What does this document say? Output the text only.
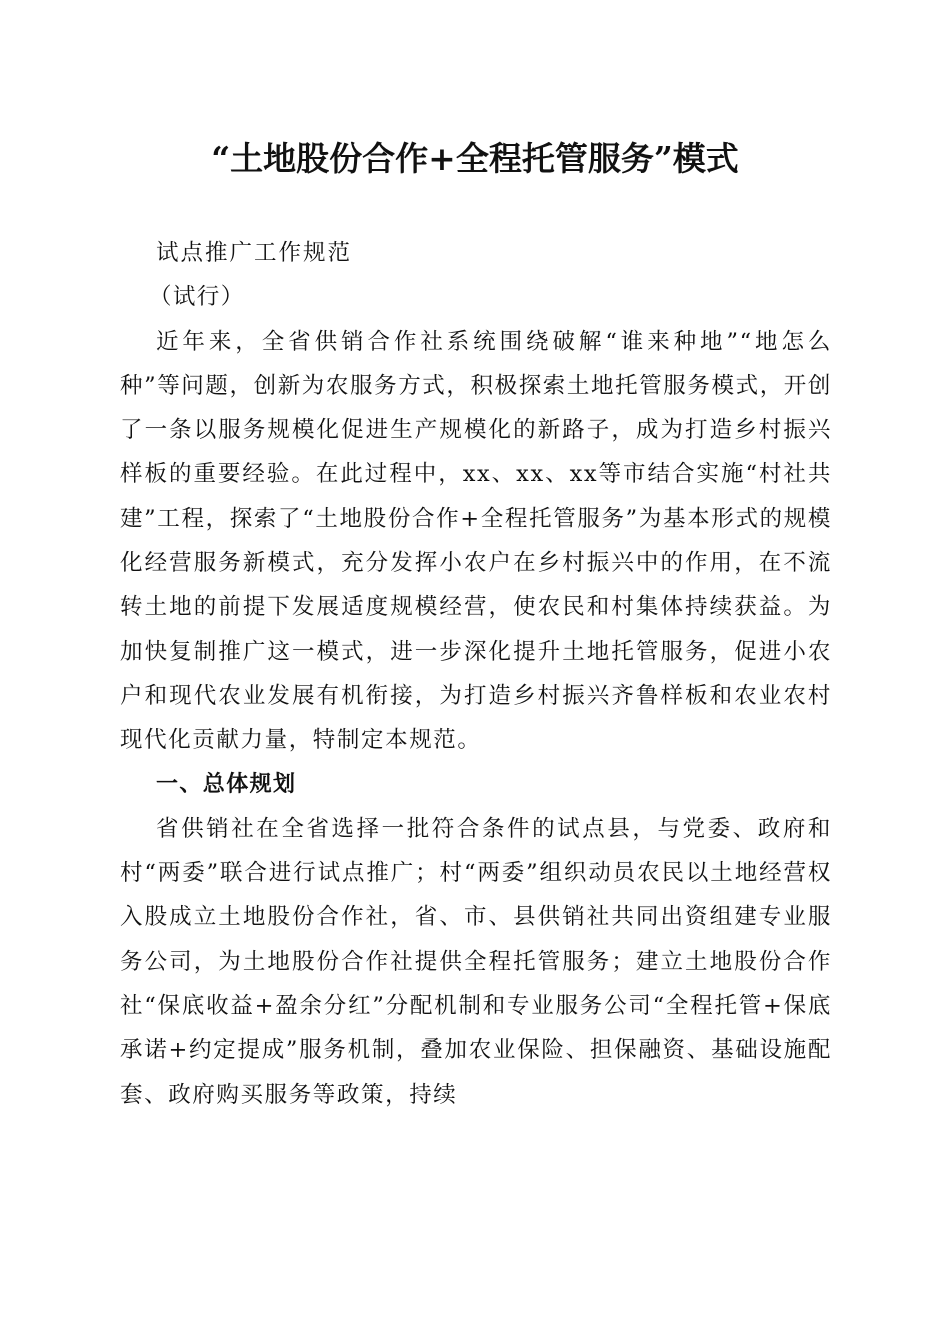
“土地股份合作+全程托管服务”模式

试点推广工作规范

（试行）

近年来，全省供销合作社系统围绕破解“谁来种地”“地怎么种”等问题，创新为农服务方式，积极探索土地托管服务模式，开创了一条以服务规模化促进生产规模化的新路子，成为打造乡村振兴样板的重要经验。在此过程中，xx、xx、xx等市结合实施“村社共建”工程，探索了“土地股份合作+全程托管服务”为基本形式的规模化经营服务新模式，充分发挥小农户在乡村振兴中的作用，在不流转土地的前提下发展适度规模经营，使农民和村集体持续获益。为加快复制推广这一模式，进一步深化提升土地托管服务，促进小农户和现代农业发展有机衔接，为打造乡村振兴齐鲁样板和农业农村现代化贡献力量，特制定本规范。

一、总体规划

省供销社在全省选择一批符合条件的试点县，与党委、政府和村“两委”联合进行试点推广；村“两委”组织动员农民以土地经营权入股成立土地股份合作社，省、市、县供销社共同出资组建专业服务公司，为土地股份合作社提供全程托管服务；建立土地股份合作社“保底收益+盈余分红”分配机制和专业服务公司“全程托管+保底承诺+约定提成”服务机制，叠加农业保险、担保融资、基础设施配套、政府购买服务等政策，持续
